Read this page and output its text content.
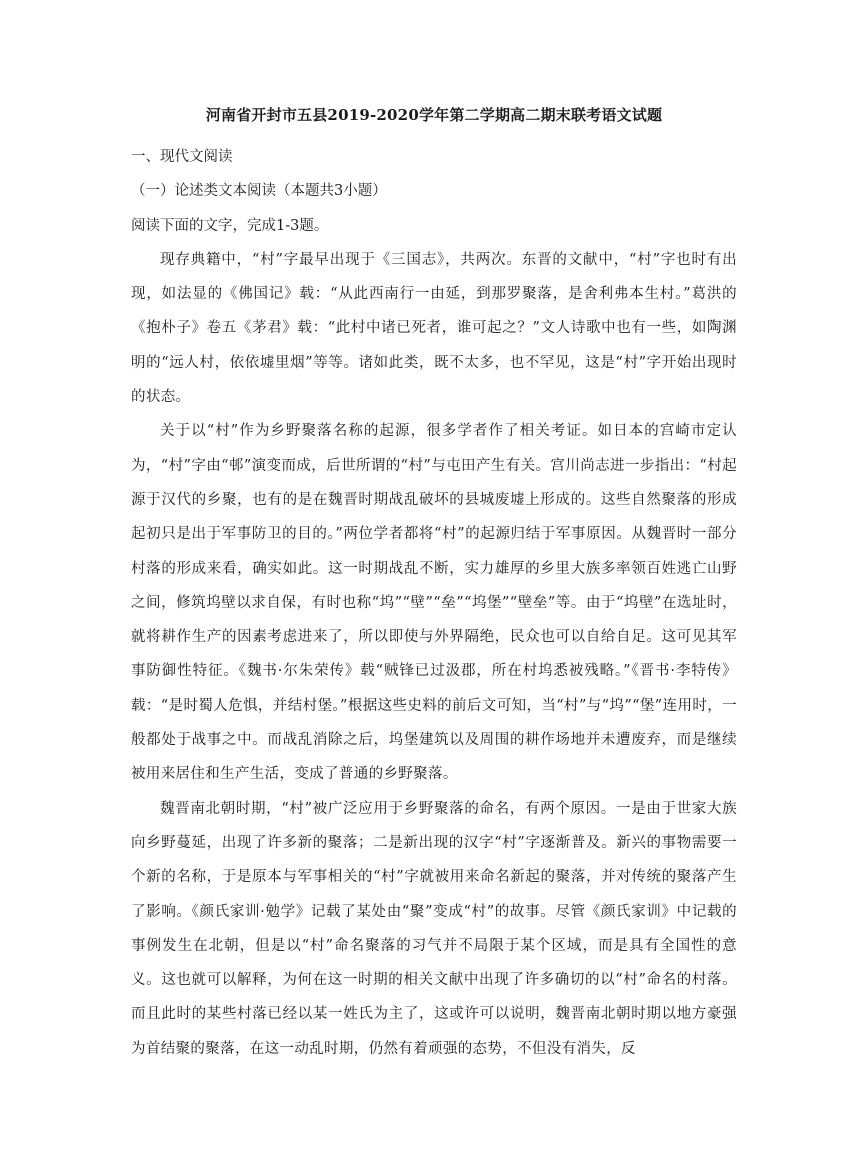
河南省开封市五县2019-2020学年第二学期高二期末联考语文试题

一、现代文阅读

（一）论述类文本阅读（本题共3小题）

阅读下面的文字，完成1-3题。

现存典籍中，“村”字最早出现于《三国志》，共两次。东晋的文献中，“村”字也时有出现，如法显的《佛国记》载：“从此西南行一由延，到那罗聚落，是舍利弗本生村。”葛洪的《抱朴子》卷五《茅君》载：“此村中诸已死者，谁可起之？”文人诗歌中也有一些，如陶渊明的“远人村，依依墟里烟”等等。诸如此类，既不太多，也不罕见，这是“村”字开始出现时的状态。

关于以“村”作为乡野聚落名称的起源，很多学者作了相关考证。如日本的宫崎市定认为，“村”字由“邨”演变而成，后世所谓的“村”与屯田产生有关。宫川尚志进一步指出：“村起源于汉代的乡聚，也有的是在魏晋时期战乱破坏的县城废墟上形成的。这些自然聚落的形成起初只是出于军事防卫的目的。”两位学者都将“村”的起源归结于军事原因。从魏晋时一部分村落的形成来看，确实如此。这一时期战乱不断，实力雄厚的乡里大族多率领百姓逃亡山野之间，修筑坞壁以求自保，有时也称“坞”“壁”“垒”“坞堡”“壁垒”等。由于“坞壁”在选址时，就将耕作生产的因素考虑进来了，所以即使与外界隔绝，民众也可以自给自足。这可见其军事防御性特征。《魏书·尔朱荣传》载“贼锋已过汲郡，所在村坞悉被残略。”《晋书·李特传》载：“是时蜀人危惧，并结村堡。”根据这些史料的前后文可知，当“村”与“坞”“堡”连用时，一般都处于战事之中。而战乱消除之后，坞堡建筑以及周围的耕作场地并未遭废弃，而是继续被用来居住和生产生活，变成了普通的乡野聚落。

魏晋南北朝时期，“村”被广泛应用于乡野聚落的命名，有两个原因。一是由于世家大族向乡野蔓延，出现了许多新的聚落；二是新出现的汉字“村”字逐渐普及。新兴的事物需要一个新的名称，于是原本与军事相关的“村”字就被用来命名新起的聚落，并对传统的聚落产生了影响。《颜氏家训·勉学》记载了某处由“聚”变成“村”的故事。尽管《颜氏家训》中记载的事例发生在北朝，但是以“村”命名聚落的习气并不局限于某个区域，而是具有全国性的意义。这也就可以解释，为何在这一时期的相关文献中出现了许多确切的以“村”命名的村落。而且此时的某些村落已经以某一姓氏为主了，这或许可以说明，魏晋南北朝时期以地方豪强为首结聚的聚落，在这一动乱时期，仍然有着顽强的态势，不但没有消失，反
